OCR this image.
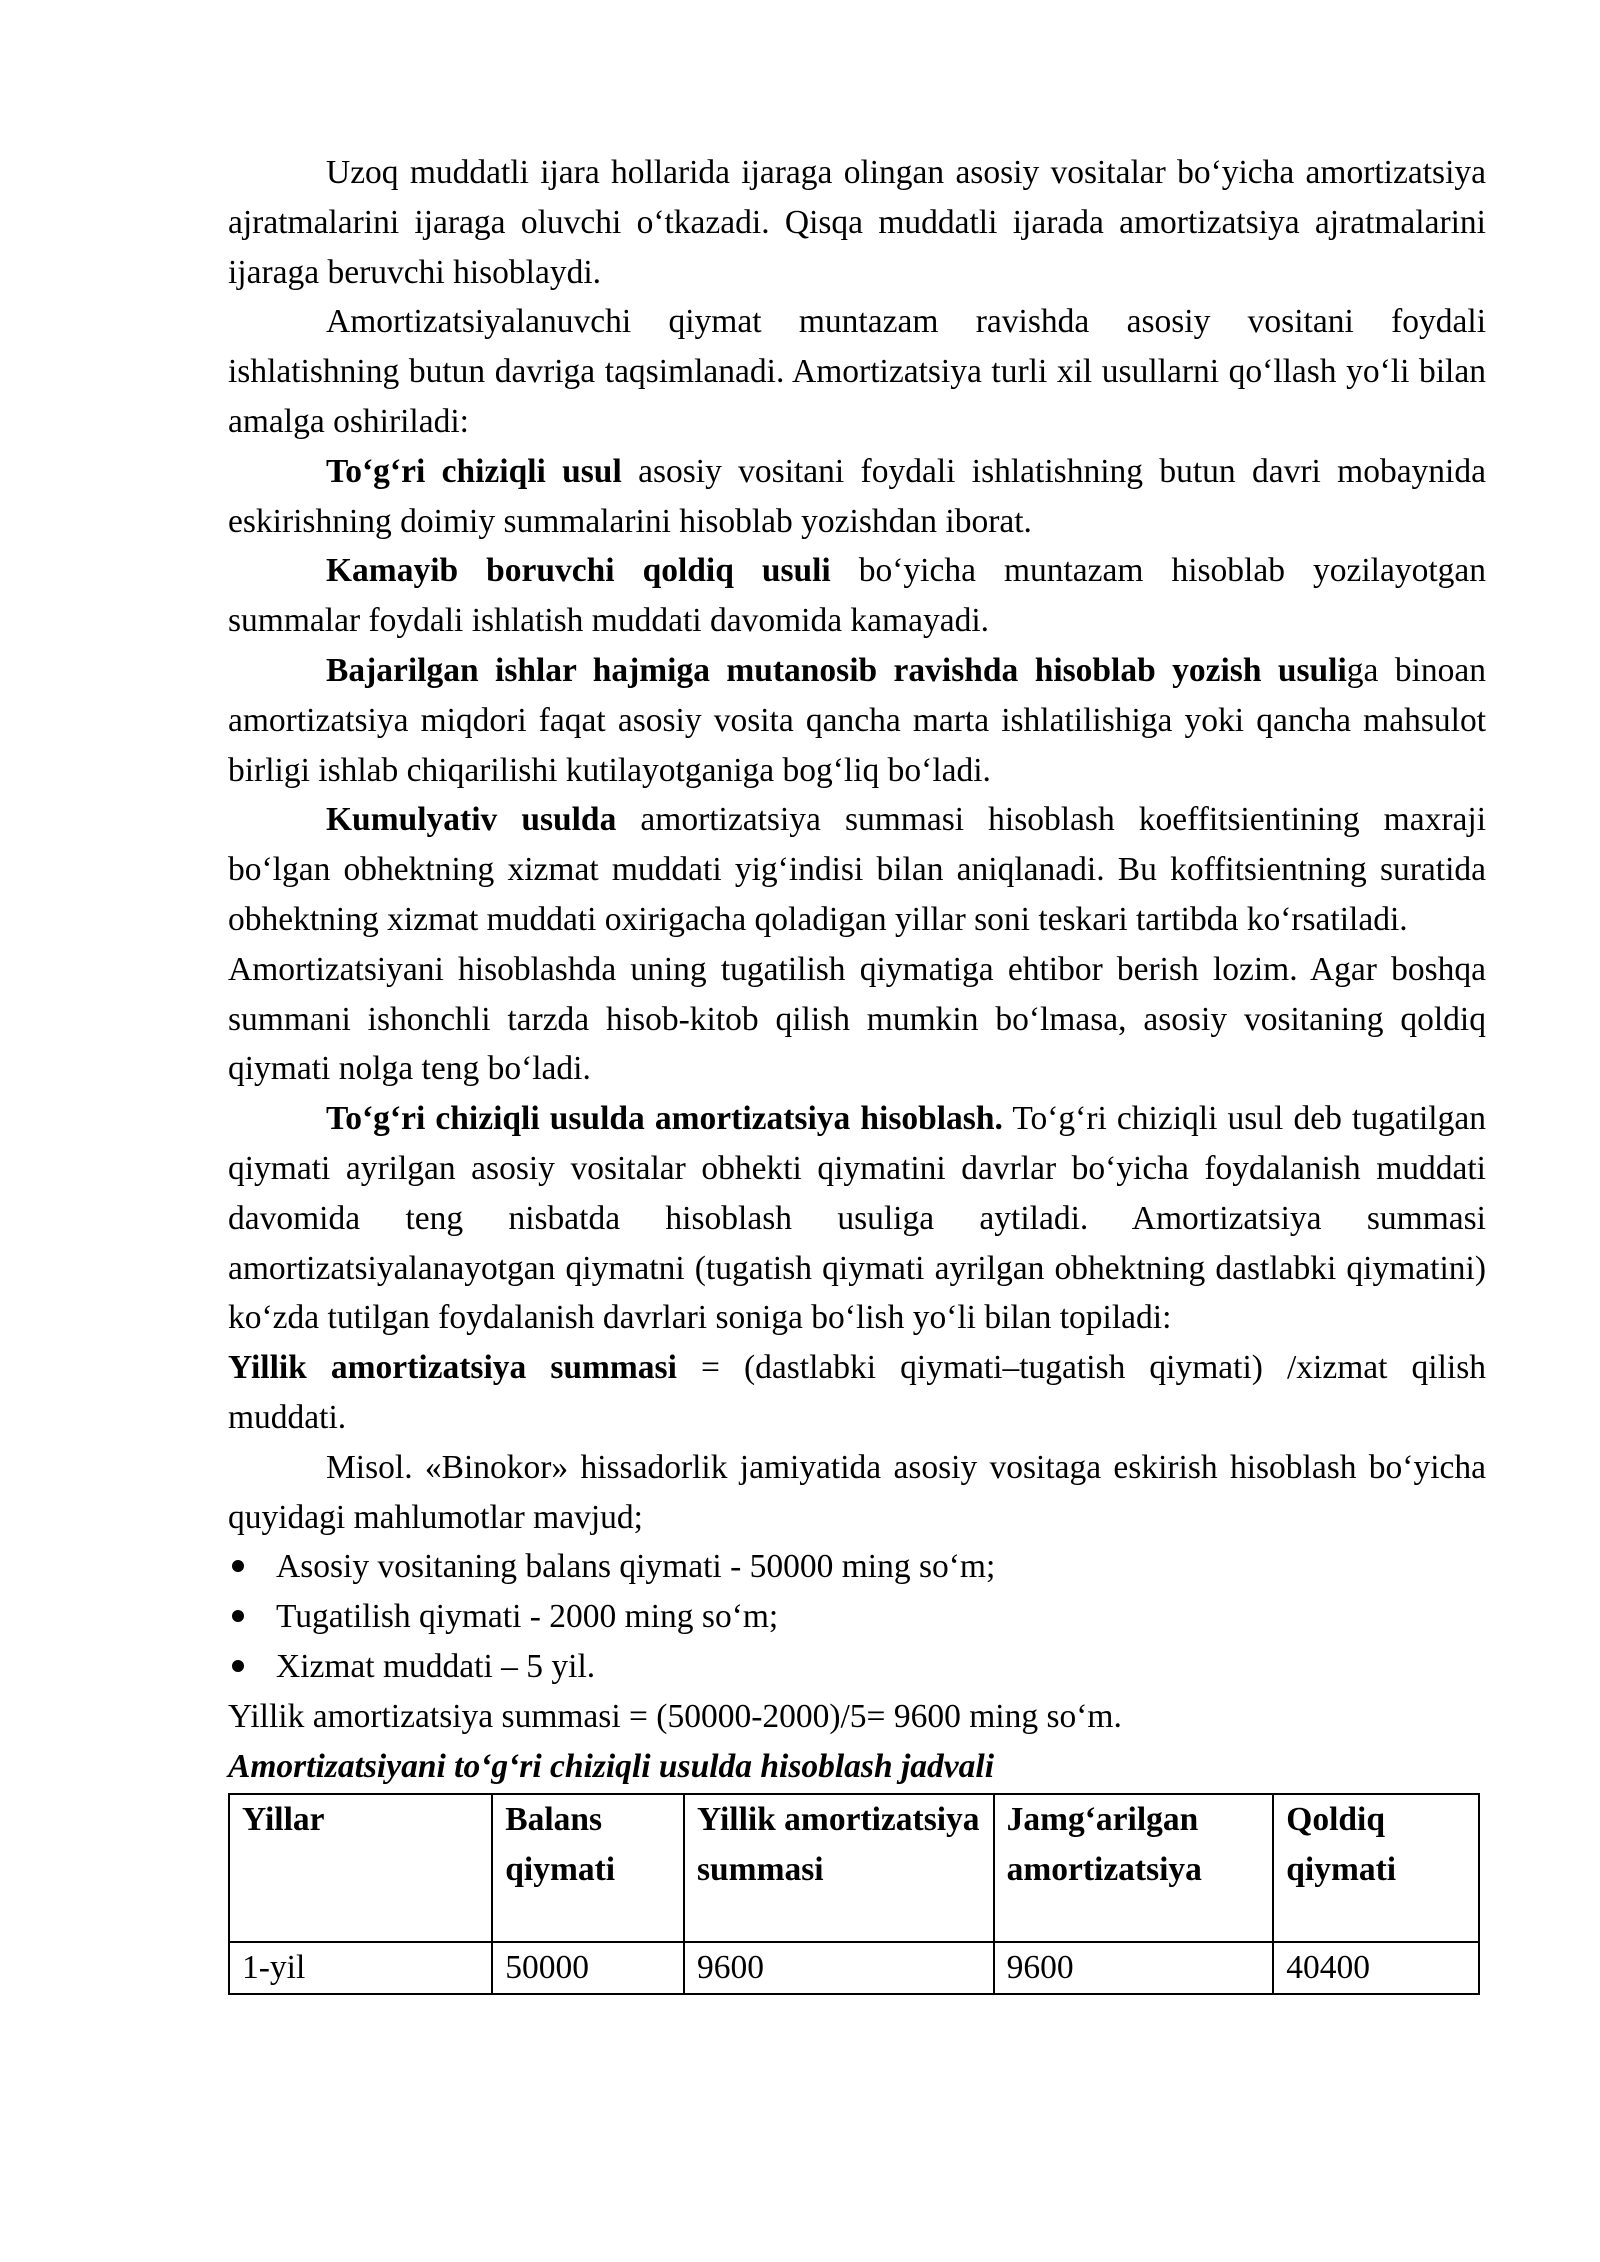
Uzoq muddatli ijara hollarida ijaraga olingan asosiy vositalar bo‘yicha amortizatsiya ajratmalarini ijaraga oluvchi o‘tkazadi. Qisqa muddatli ijarada amortizatsiya ajratmalarini ijaraga beruvchi hisoblaydi.

Amortizatsiyalanuvchi qiymat muntazam ravishda asosiy vositani foydali ishlatishning butun davriga taqsimlanadi. Amortizatsiya turli xil usullarni qo‘llash yo‘li bilan amalga oshiriladi:

To‘g‘ri chiziqli usul asosiy vositani foydali ishlatishning butun davri mobaynida eskirishning doimiy summalarini hisoblab yozishdan iborat.

Kamayib boruvchi qoldiq usuli bo‘yicha muntazam hisoblab yozilayotgan summalar foydali ishlatish muddati davomida kamayadi.

Bajarilgan ishlar hajmiga mutanosib ravishda hisoblab yozish usuliga binoan amortizatsiya miqdori faqat asosiy vosita qancha marta ishlatilishiga yoki qancha mahsulot birligi ishlab chiqarilishi kutilayotganiga bog‘liq bo‘ladi.

Kumulyativ usulda amortizatsiya summasi hisoblash koeffitsientining maxraji bo‘lgan obhektning xizmat muddati yig‘indisi bilan aniqlanadi. Bu koffitsientning suratida obhektning xizmat muddati oxirigacha qoladigan yillar soni teskari tartibda ko‘rsatiladi.

Amortizatsiyani hisoblashda uning tugatilish qiymatiga ehtibor berish lozim. Agar boshqa summani ishonchli tarzda hisob-kitob qilish mumkin bo‘lmasa, asosiy vositaning qoldiq qiymati nolga teng bo‘ladi.

To‘g‘ri chiziqli usulda amortizatsiya hisoblash. To‘g‘ri chiziqli usul deb tugatilgan qiymati ayrilgan asosiy vositalar obhekti qiymatini davrlar bo‘yicha foydalanish muddati davomida teng nisbatda hisoblash usuliga aytiladi. Amortizatsiya summasi amortizatsiyalanayotgan qiymatni (tugatish qiymati ayrilgan obhektning dastlabki qiymatini) ko‘zda tutilgan foydalanish davrlari soniga bo‘lish yo‘li bilan topiladi:

Yillik amortizatsiya summasi = (dastlabki qiymati–tugatish qiymati) /xizmat qilish muddati.

Misol. «Binokor» hissadorlik jamiyatida asosiy vositaga eskirish hisoblash bo‘yicha quyidagi mahlumotlar mavjud;

Asosiy vositaning balans qiymati - 50000 ming so‘m;
Tugatilish qiymati - 2000 ming so‘m;
Xizmat muddati – 5 yil.

Yillik amortizatsiya summasi = (50000-2000)/5= 9600 ming so‘m.

Amortizatsiyani to‘g‘ri chiziqli usulda hisoblash jadvali

Yillar	Balans qiymati	Yillik amortizatsiya summasi	Jamg‘arilgan amortizatsiya	Qoldiq qiymati
1-yil	50000	9600	9600	40400
